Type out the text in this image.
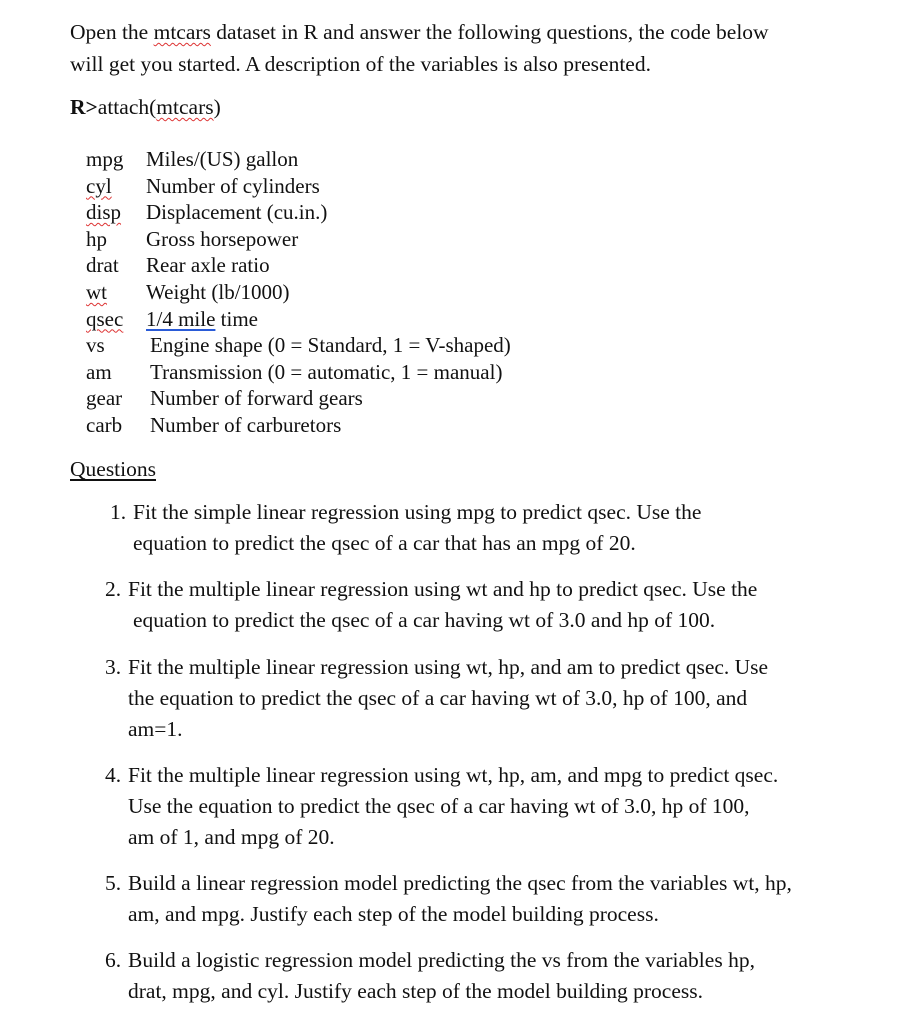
Open the mtcars dataset in R and answer the following questions, the code below

will get you started. A description of the variables is also presented.

R>attach(mtcars)
mpg Miles/(US) gallon
cyl Number of cylinders
disp Displacement (cu.in.)
hp Gross horsepower
drat Rear axle ratio
wt Weight (lb/1000)
qsec 1/4 mile time
vs Engine shape (0 = Standard, 1 = V-shaped)
am Transmission (0 = automatic, 1 = manual)
gear Number of forward gears
carb Number of carburetors
Questions
1. Fit the simple linear regression using mpg to predict qsec. Use the
equation to predict the qsec of a car that has an mpg of 20.
2. Fit the multiple linear regression using wt and hp to predict qsec. Use the
equation to predict the qsec of a car having wt of 3.0 and hp of 100.
3. Fit the multiple linear regression using wt, hp, and am to predict qsec. Use
the equation to predict the qsec of a car having wt of 3.0, hp of 100, and
am=1.
4. Fit the multiple linear regression using wt, hp, am, and mpg to predict qsec.
Use the equation to predict the qsec of a car having wt of 3.0, hp of 100,
am of 1, and mpg of 20.
5. Build a linear regression model predicting the qsec from the variables wt, hp,
am, and mpg. Justify each step of the model building process.
6. Build a logistic regression model predicting the vs from the variables hp,
drat, mpg, and cyl. Justify each step of the model building process.
